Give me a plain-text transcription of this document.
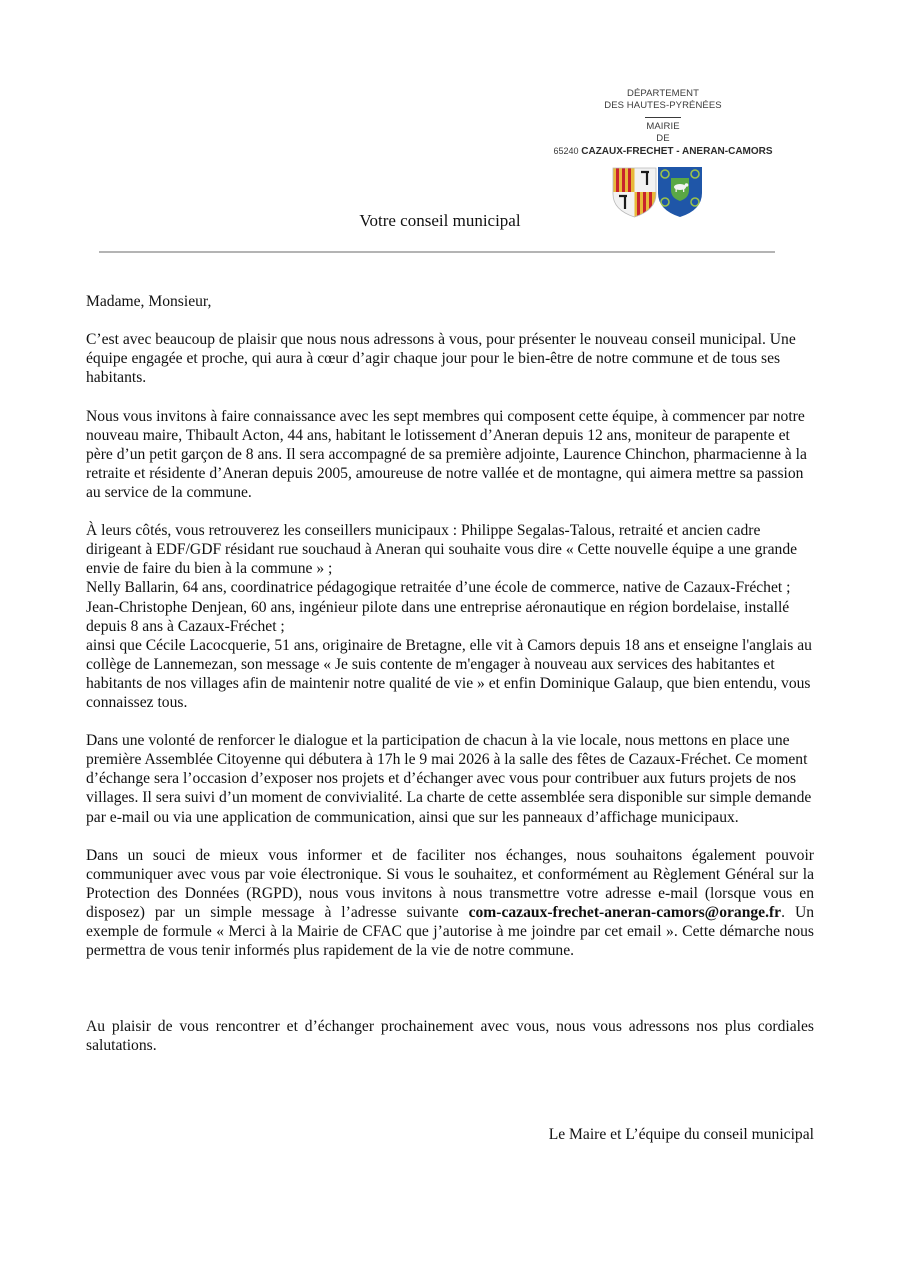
DÉPARTEMENT
DES HAUTES-PYRÉNÉES
MAIRIE
DE
65240 CAZAUX-FRECHET - ANERAN-CAMORS
Votre conseil municipal

Madame, Monsieur,

C’est avec beaucoup de plaisir que nous nous adressons à vous, pour présenter le nouveau conseil municipal. Une équipe engagée et proche, qui aura à cœur d’agir chaque jour pour le bien-être de notre commune et de tous ses habitants.

Nous vous invitons à faire connaissance avec les sept membres qui composent cette équipe, à commencer par notre nouveau maire, Thibault Acton, 44 ans, habitant le lotissement d’Aneran depuis 12 ans, moniteur de parapente et père d’un petit garçon de 8 ans. Il sera accompagné de sa première adjointe, Laurence Chinchon, pharmacienne à la retraite et résidente d’Aneran depuis 2005, amoureuse de notre vallée et de montagne, qui aimera mettre sa passion au service de la commune.

À leurs côtés, vous retrouverez les conseillers municipaux : Philippe Segalas-Talous, retraité et ancien cadre dirigeant à EDF/GDF résidant rue souchaud à Aneran qui souhaite vous dire « Cette nouvelle équipe a une grande envie de faire du bien à la commune » ;
Nelly Ballarin, 64 ans, coordinatrice pédagogique retraitée d’une école de commerce, native de Cazaux-Fréchet ; Jean-Christophe Denjean, 60 ans, ingénieur pilote dans une entreprise aéronautique en région bordelaise, installé depuis 8 ans à Cazaux-Fréchet ;
ainsi que Cécile Lacocquerie, 51 ans, originaire de Bretagne, elle vit à Camors depuis 18 ans et enseigne l'anglais au collège de Lannemezan, son message « Je suis contente de m'engager à nouveau aux services des habitantes et habitants de nos villages afin de maintenir notre qualité de vie » et enfin Dominique Galaup, que bien entendu, vous connaissez tous.

Dans une volonté de renforcer le dialogue et la participation de chacun à la vie locale, nous mettons en place une première Assemblée Citoyenne qui débutera à 17h le 9 mai 2026 à la salle des fêtes de Cazaux-Fréchet. Ce moment d’échange sera l’occasion d’exposer nos projets et d’échanger avec vous pour contribuer aux futurs projets de nos villages. Il sera suivi d’un moment de convivialité. La charte de cette assemblée sera disponible sur simple demande par e-mail ou via une application de communication, ainsi que sur les panneaux d’affichage municipaux.

Dans un souci de mieux vous informer et de faciliter nos échanges, nous souhaitons également pouvoir communiquer avec vous par voie électronique. Si vous le souhaitez, et conformément au Règlement Général sur la Protection des Données (RGPD), nous vous invitons à nous transmettre votre adresse e-mail (lorsque vous en disposez) par un simple message à l’adresse suivante com-cazaux-frechet-aneran-camors@orange.fr. Un exemple de formule « Merci à la Mairie de CFAC que j’autorise à me joindre par cet email ». Cette démarche nous permettra de vous tenir informés plus rapidement de la vie de notre commune.

Au plaisir de vous rencontrer et d’échanger prochainement avec vous, nous vous adressons nos plus cordiales salutations.

Le Maire et L’équipe du conseil municipal
